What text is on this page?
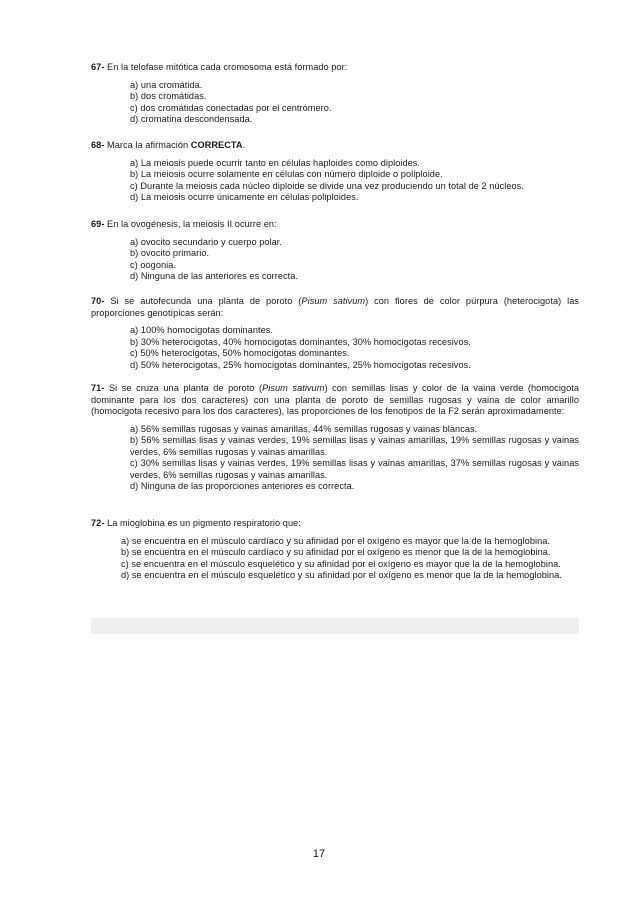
67- En la telofase mitótica cada cromosoma está formado por:
a) una cromátida.
b) dos cromátidas.
c) dos cromátidas conectadas por el centrómero.
d) cromatina descondensada.
68- Marca la afirmación CORRECTA.
a) La meiosis puede ocurrir tanto en células haploides como diploides.
b) La meiosis ocurre solamente en células con número diploide o poliploide.
c) Durante la meiosis cada núcleo diploide se divide una vez produciendo un total de 2 núcleos.
d) La meiosis ocurre únicamente en células poliploides.
69- En la ovogénesis, la meiosis II ocurre en:
a) ovocito secundario y cuerpo polar.
b) ovocito primario.
c) oogonia.
d) Ninguna de las anteriores es correcta.
70- Si se autofecunda una planta de poroto (Pisum sativum) con flores de color púrpura (heterocigota) las proporciones genotípicas serán:
a) 100% homocigotas dominantes.
b) 30% heterocigotas, 40% homocigotas dominantes, 30% homocigotas recesivos.
c) 50% heterocigotas, 50% homocigotas dominantes.
d) 50% heterocigotas, 25% homocigotas dominantes, 25% homocigotas recesivos.
71- Si se cruza una planta de poroto (Pisum sativum) con semillas lisas y color de la vaina verde (homocigota dominante para los dos caracteres) con una planta de poroto de semillas rugosas y vaina de color amarillo (homocigota recesivo para los dos caracteres), las proporciones de los fenotipos de la F2 serán aproximadamente:
a) 56% semillas rugosas y vainas amarillas, 44% semillas rugosas y vainas blancas.
b) 56% semillas lisas y vainas verdes, 19% semillas lisas y vainas amarillas, 19% semillas rugosas y vainas verdes, 6% semillas rugosas y vainas amarillas.
c) 30% semillas lisas y vainas verdes, 19% semillas lisas y vainas amarillas, 37% semillas rugosas y vainas verdes, 6% semillas rugosas y vainas amarillas.
d) Ninguna de las proporciones anteriores es correcta.
72- La mioglobina es un pigmento respiratorio que:
a) se encuentra en el músculo cardíaco y su afinidad por el oxígeno es mayor que la de la hemoglobina.
b) se encuentra en el músculo cardíaco y su afinidad por el oxígeno es menor que la de la hemoglobina.
c) se encuentra en el músculo esquelético y su afinidad por el oxígeno es mayor que la de la hemoglobina.
d) se encuentra en el músculo esquelético y su afinidad por el oxígeno es menor que la de la hemoglobina.
17
